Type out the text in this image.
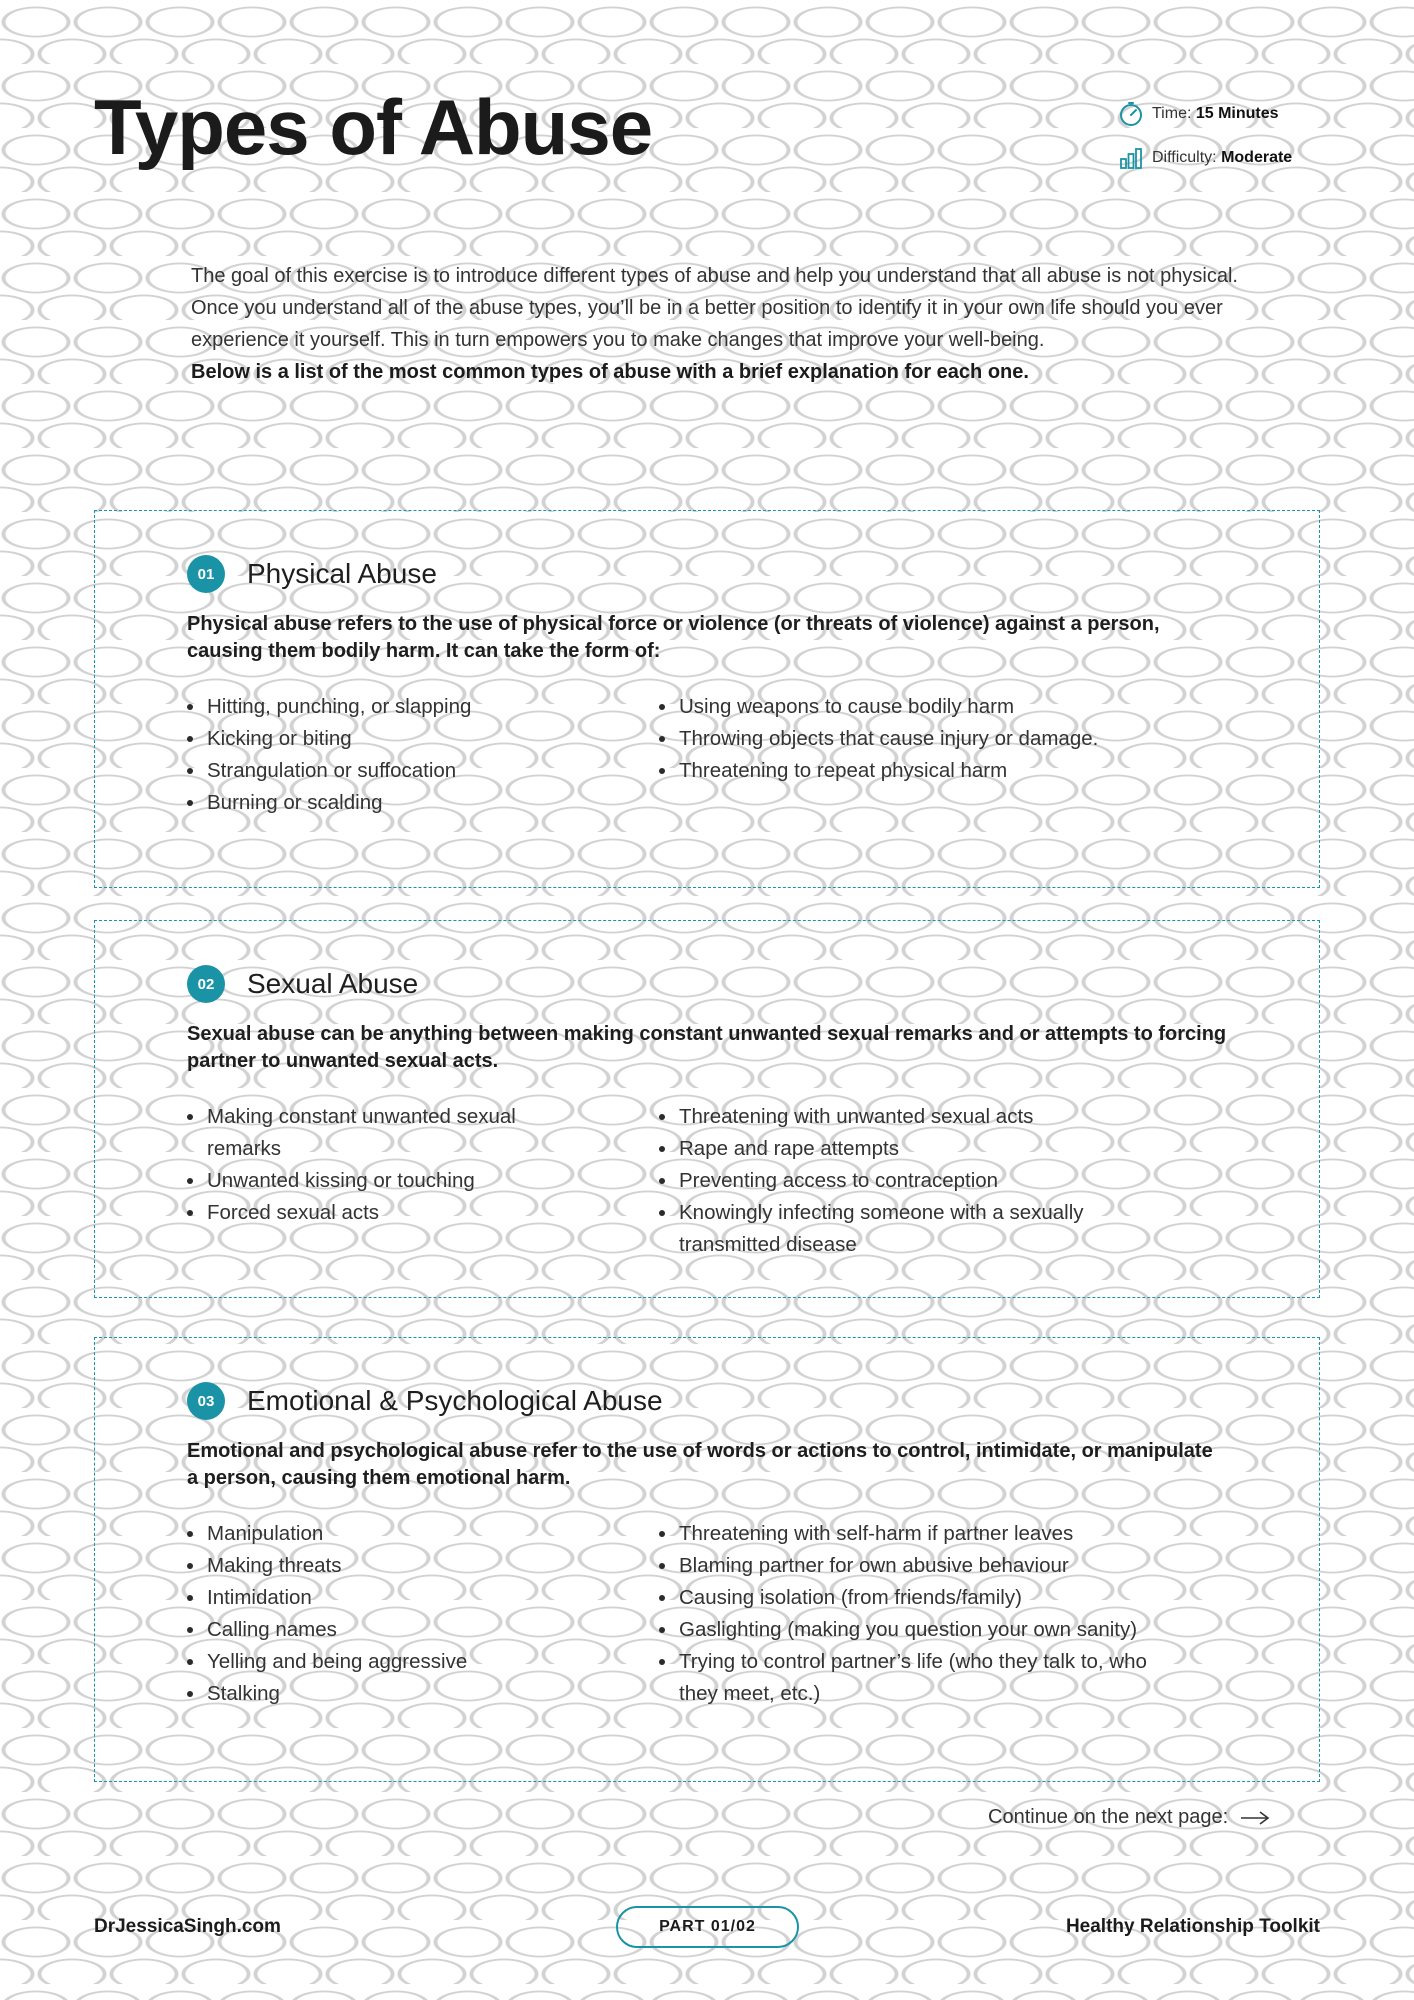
Types of Abuse	Time:
15 Minutes
Difficulty:
Moderate

The goal of this exercise is to introduce different types of abuse and help you understand that all abuse is not physical. Once you understand all of the abuse types, you’ll be in a better position to identify it in your own life should you ever experience it yourself. This in turn empowers you to make changes that improve your well-being.

Below is a list of the most common types of abuse with a brief explanation for each one.

01	Physical Abuse

Physical abuse refers to the use of physical force or violence (or threats of violence) against a person, causing them bodily harm. It can take the form of:

Hitting, punching, or slapping
Kicking or biting
Strangulation or suffocation
Burning or scalding
Using weapons to cause bodily harm
Throwing objects that cause injury or damage.
Threatening to repeat physical harm
02	Sexual Abuse

Sexual abuse can be anything between making constant unwanted sexual remarks and or attempts to forcing partner to unwanted sexual acts.

Making constant unwanted sexual remarks
Unwanted kissing or touching
Forced sexual acts
Threatening with unwanted sexual acts
Rape and rape attempts
Preventing access to contraception
Knowingly infecting someone with a sexually transmitted disease
03	Emotional & Psychological Abuse

Emotional and psychological abuse refer to the use of words or actions to control, intimidate, or manipulate a person, causing them emotional harm.

Manipulation
Making threats
Intimidation
Calling names
Yelling and being aggressive
Stalking
Threatening with self-harm if partner leaves
Blaming partner for own abusive behaviour
Causing isolation (from friends/family)
Gaslighting (making you question your own sanity)
Trying to control partner’s life (who they talk to, who they meet, etc.)
Continue on the next page:
DrJessicaSingh.com	PART 01/02	Healthy Relationship Toolkit
